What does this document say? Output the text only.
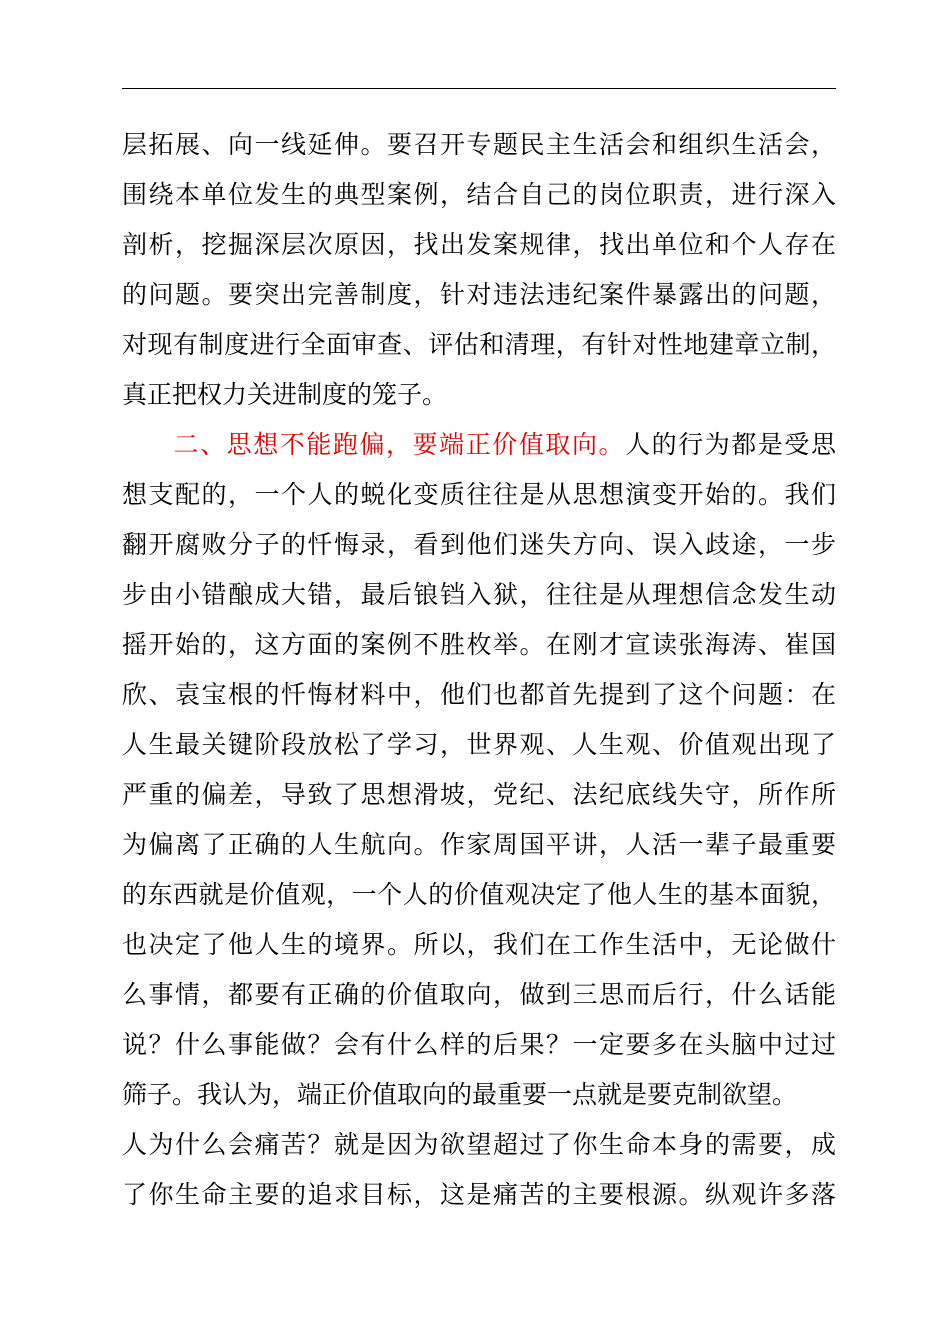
层拓展、向一线延伸。要召开专题民主生活会和组织生活会，
围绕本单位发生的典型案例，结合自己的岗位职责，进行深入
剖析，挖掘深层次原因，找出发案规律，找出单位和个人存在
的问题。要突出完善制度，针对违法违纪案件暴露出的问题，
对现有制度进行全面审查、评估和清理，有针对性地建章立制，
真正把权力关进制度的笼子。
二、思想不能跑偏，要端正价值取向。人的行为都是受思
想支配的，一个人的蜕化变质往往是从思想演变开始的。我们
翻开腐败分子的忏悔录，看到他们迷失方向、误入歧途，一步
步由小错酿成大错，最后锒铛入狱，往往是从理想信念发生动
摇开始的，这方面的案例不胜枚举。在刚才宣读张海涛、崔国
欣、袁宝根的忏悔材料中，他们也都首先提到了这个问题：在
人生最关键阶段放松了学习，世界观、人生观、价值观出现了
严重的偏差，导致了思想滑坡，党纪、法纪底线失守，所作所
为偏离了正确的人生航向。作家周国平讲，人活一辈子最重要
的东西就是价值观，一个人的价值观决定了他人生的基本面貌，
也决定了他人生的境界。所以，我们在工作生活中，无论做什
么事情，都要有正确的价值取向，做到三思而后行，什么话能
说？什么事能做？会有什么样的后果？一定要多在头脑中过过
筛子。我认为，端正价值取向的最重要一点就是要克制欲望。
人为什么会痛苦？就是因为欲望超过了你生命本身的需要，成
了你生命主要的追求目标，这是痛苦的主要根源。纵观许多落
